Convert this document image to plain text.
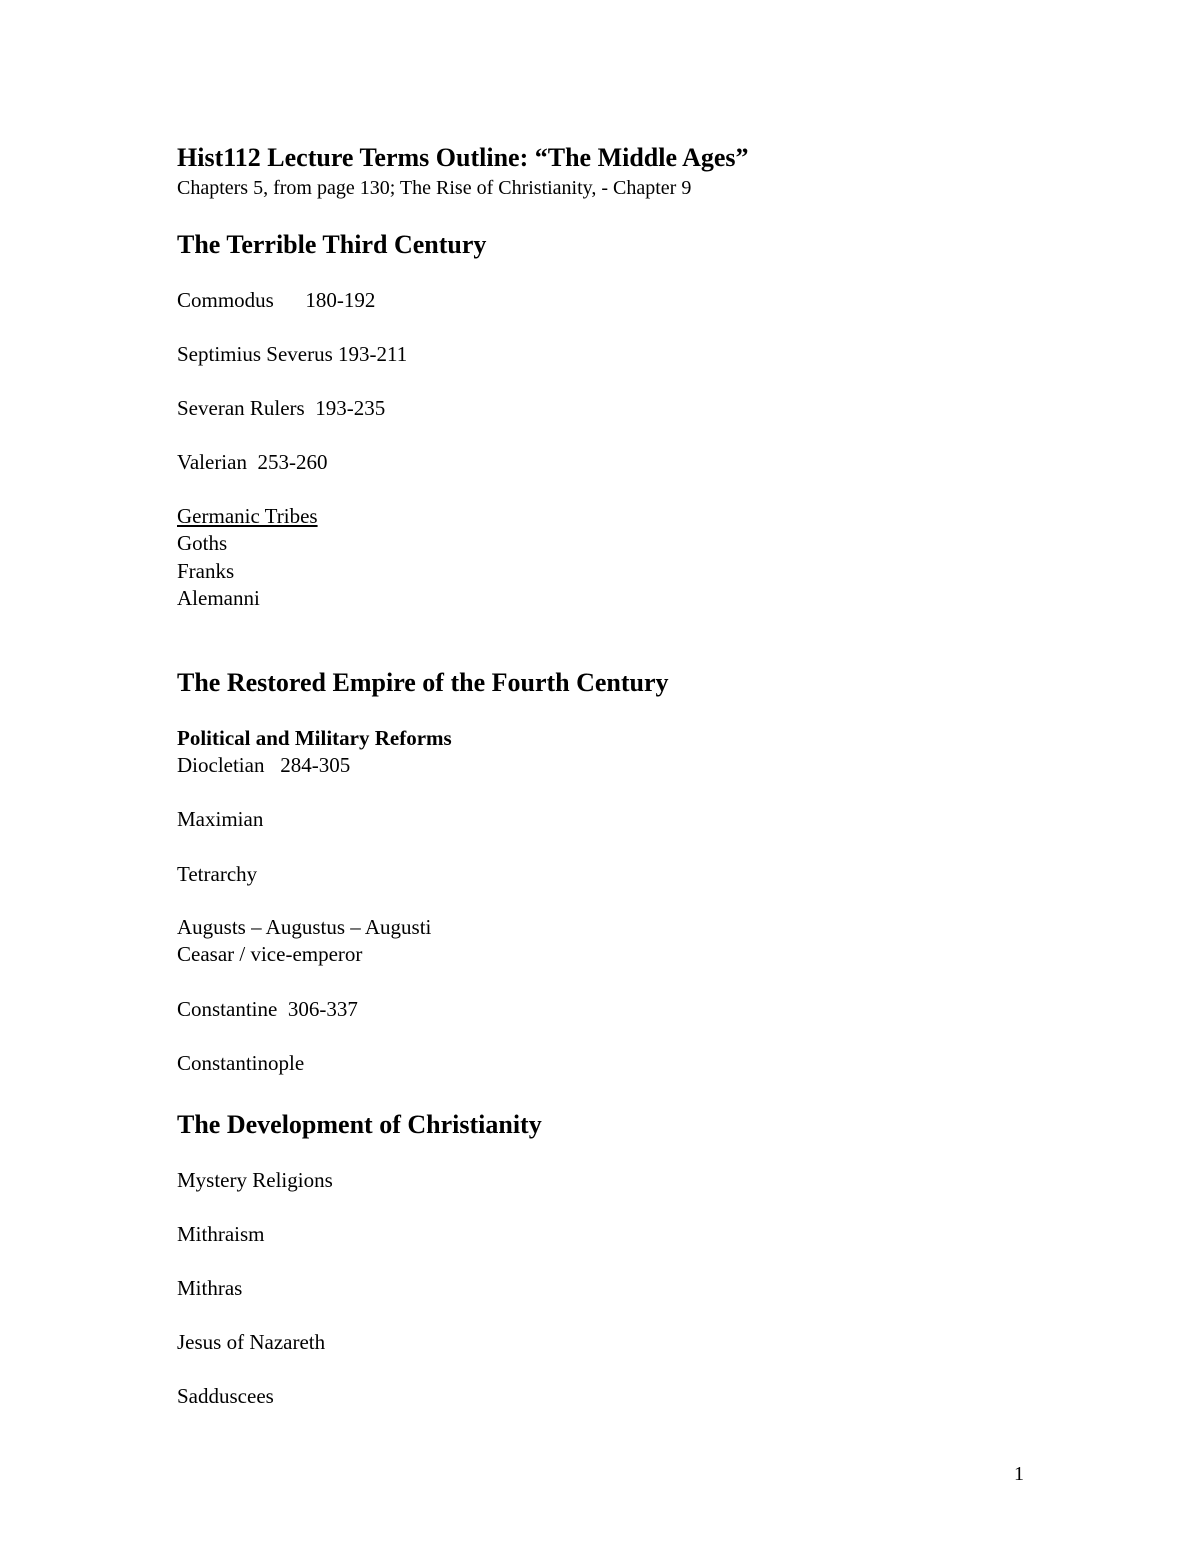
Hist112 Lecture Terms Outline: “The Middle Ages”

Chapters 5, from page 130; The Rise of Christianity, - Chapter 9

The Terrible Third Century

Commodus      180-192

Septimius Severus 193-211

Severan Rulers  193-235

Valerian  253-260

Germanic Tribes

Goths

Franks

Alemanni

The Restored Empire of the Fourth Century

Political and Military Reforms

Diocletian   284-305

Maximian

Tetrarchy

Augusts – Augustus – Augusti

Ceasar / vice-emperor

Constantine  306-337

Constantinople

The Development of Christianity

Mystery Religions

Mithraism

Mithras

Jesus of Nazareth

Sadduscees

1
